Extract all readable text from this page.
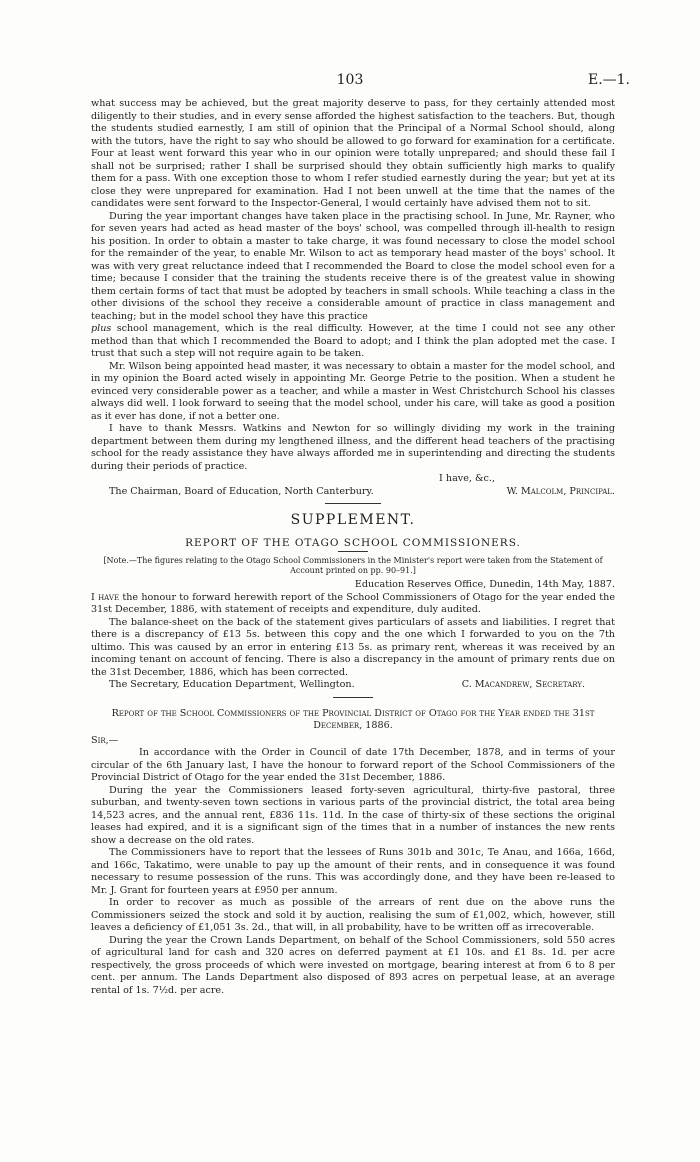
103	E.—1.

what success may be achieved, but the great majority deserve to pass, for they certainly attended most diligently to their studies, and in every sense afforded the highest satisfaction to the teachers. But, though the students studied earnestly, I am still of opinion that the Principal of a Normal School should, along with the tutors, have the right to say who should be allowed to go forward for examination for a certificate. Four at least went forward this year who in our opinion were totally unprepared; and should these fail I shall not be surprised; rather I shall be surprised should they obtain sufficiently high marks to qualify them for a pass. With one exception those to whom I refer studied earnestly during the year; but yet at its close they were unprepared for examination. Had I not been unwell at the time that the names of the candidates were sent forward to the Inspector-General, I would certainly have advised them not to sit.

During the year important changes have taken place in the practising school. In June, Mr. Rayner, who for seven years had acted as head master of the boys' school, was compelled through ill-health to resign his position. In order to obtain a master to take charge, it was found necessary to close the model school for the remainder of the year, to enable Mr. Wilson to act as temporary head master of the boys' school. It was with very great reluctance indeed that I recommended the Board to close the model school even for a time; because I consider that the training the students receive there is of the greatest value in showing them certain forms of tact that must be adopted by teachers in small schools. While teaching a class in the other divisions of the school they receive a considerable amount of practice in class management and teaching; but in the model school they have this practice

plus school management, which is the real difficulty. However, at the time I could not see any other method than that which I recommended the Board to adopt; and I think the plan adopted met the case. I trust that such a step will not require again to be taken.

Mr. Wilson being appointed head master, it was necessary to obtain a master for the model school, and in my opinion the Board acted wisely in appointing Mr. George Petrie to the position. When a student he evinced very considerable power as a teacher, and while a master in West Christchurch School his classes always did well. I look forward to seeing that the model school, under his care, will take as good a position as it ever has done, if not a better one.

I have to thank Messrs. Watkins and Newton for so willingly dividing my work in the training department between them during my lengthened illness, and the different head teachers of the practising school for the ready assistance they have always afforded me in superintending and directing the students during their periods of practice.

I have, &c.,
The Chairman, Board of Education, North Canterbury.	W. Malcolm, Principal.
SUPPLEMENT.
REPORT OF THE OTAGO SCHOOL COMMISSIONERS.
[Note.—The figures relating to the Otago School Commissioners in the Minister's report were taken from the Statement of Account printed on pp. 90–91.]
Education Reserves Office, Dunedin, 14th May, 1887.

I have the honour to forward herewith report of the School Commissioners of Otago for the year ended the 31st December, 1886, with statement of receipts and expenditure, duly audited.

The balance-sheet on the back of the statement gives particulars of assets and liabilities. I regret that there is a discrepancy of £13 5s. between this copy and the one which I forwarded to you on the 7th ultimo. This was caused by an error in entering £13 5s. as primary rent, whereas it was received by an incoming tenant on account of fencing. There is also a discrepancy in the amount of primary rents due on the 31st December, 1886, which has been corrected.

The Secretary, Education Department, Wellington.	C. Macandrew, Secretary.
Report of the School Commissioners of the Provincial District of Otago for the Year ended the 31st December, 1886.
Sir,—

In accordance with the Order in Council of date 17th December, 1878, and in terms of your circular of the 6th January last, I have the honour to forward report of the School Commissioners of the Provincial District of Otago for the year ended the 31st December, 1886.

During the year the Commissioners leased forty-seven agricultural, thirty-five pastoral, three suburban, and twenty-seven town sections in various parts of the provincial district, the total area being 14,523 acres, and the annual rent, £836 11s. 11d. In the case of thirty-six of these sections the original leases had expired, and it is a significant sign of the times that in a number of instances the new rents show a decrease on the old rates.

The Commissioners have to report that the lessees of Runs 301b and 301c, Te Anau, and 166a, 166d, and 166c, Takatimo, were unable to pay up the amount of their rents, and in consequence it was found necessary to resume possession of the runs. This was accordingly done, and they have been re-leased to Mr. J. Grant for fourteen years at £950 per annum.

In order to recover as much as possible of the arrears of rent due on the above runs the Commissioners seized the stock and sold it by auction, realising the sum of £1,002, which, however, still leaves a deficiency of £1,051 3s. 2d., that will, in all probability, have to be written off as irrecoverable.

During the year the Crown Lands Department, on behalf of the School Commissioners, sold 550 acres of agricultural land for cash and 320 acres on deferred payment at £1 10s. and £1 8s. 1d. per acre respectively, the gross proceeds of which were invested on mortgage, bearing interest at from 6 to 8 per cent. per annum. The Lands Department also disposed of 893 acres on perpetual lease, at an average rental of 1s. 7½d. per acre.
